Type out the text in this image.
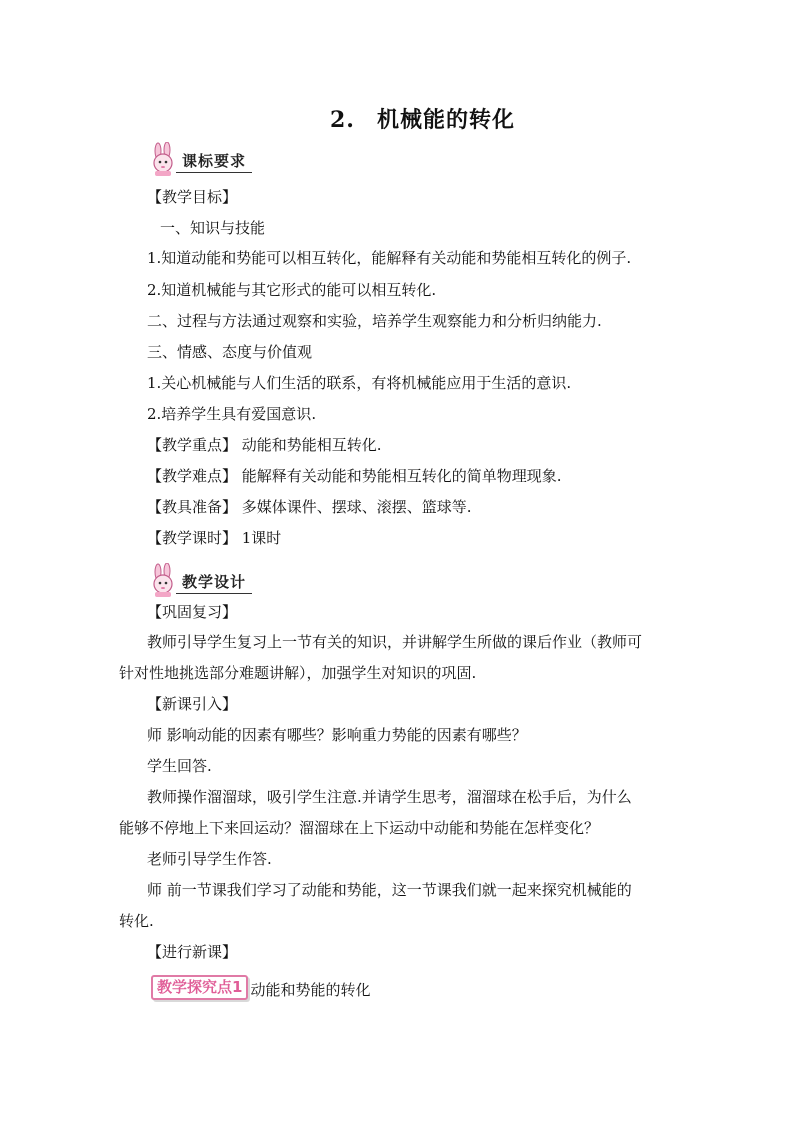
2. 机械能的转化
课标要求
【教学目标】
一、知识与技能
1.知道动能和势能可以相互转化，能解释有关动能和势能相互转化的例子.
2.知道机械能与其它形式的能可以相互转化.
二、过程与方法通过观察和实验，培养学生观察能力和分析归纳能力.
三、情感、态度与价值观
1.关心机械能与人们生活的联系，有将机械能应用于生活的意识.
2.培养学生具有爱国意识.
【教学重点】 动能和势能相互转化.
【教学难点】 能解释有关动能和势能相互转化的简单物理现象.
【教具准备】 多媒体课件、摆球、滚摆、篮球等.
【教学课时】 1课时
教学设计
【巩固复习】
教师引导学生复习上一节有关的知识，并讲解学生所做的课后作业（教师可
针对性地挑选部分难题讲解），加强学生对知识的巩固.
【新课引入】
师 影响动能的因素有哪些？影响重力势能的因素有哪些？
学生回答.
教师操作溜溜球，吸引学生注意.并请学生思考，溜溜球在松手后，为什么
能够不停地上下来回运动？溜溜球在上下运动中动能和势能在怎样变化？
老师引导学生作答.
师 前一节课我们学习了动能和势能，这一节课我们就一起来探究机械能的
转化.
【进行新课】
教学探究点1 动能和势能的转化
